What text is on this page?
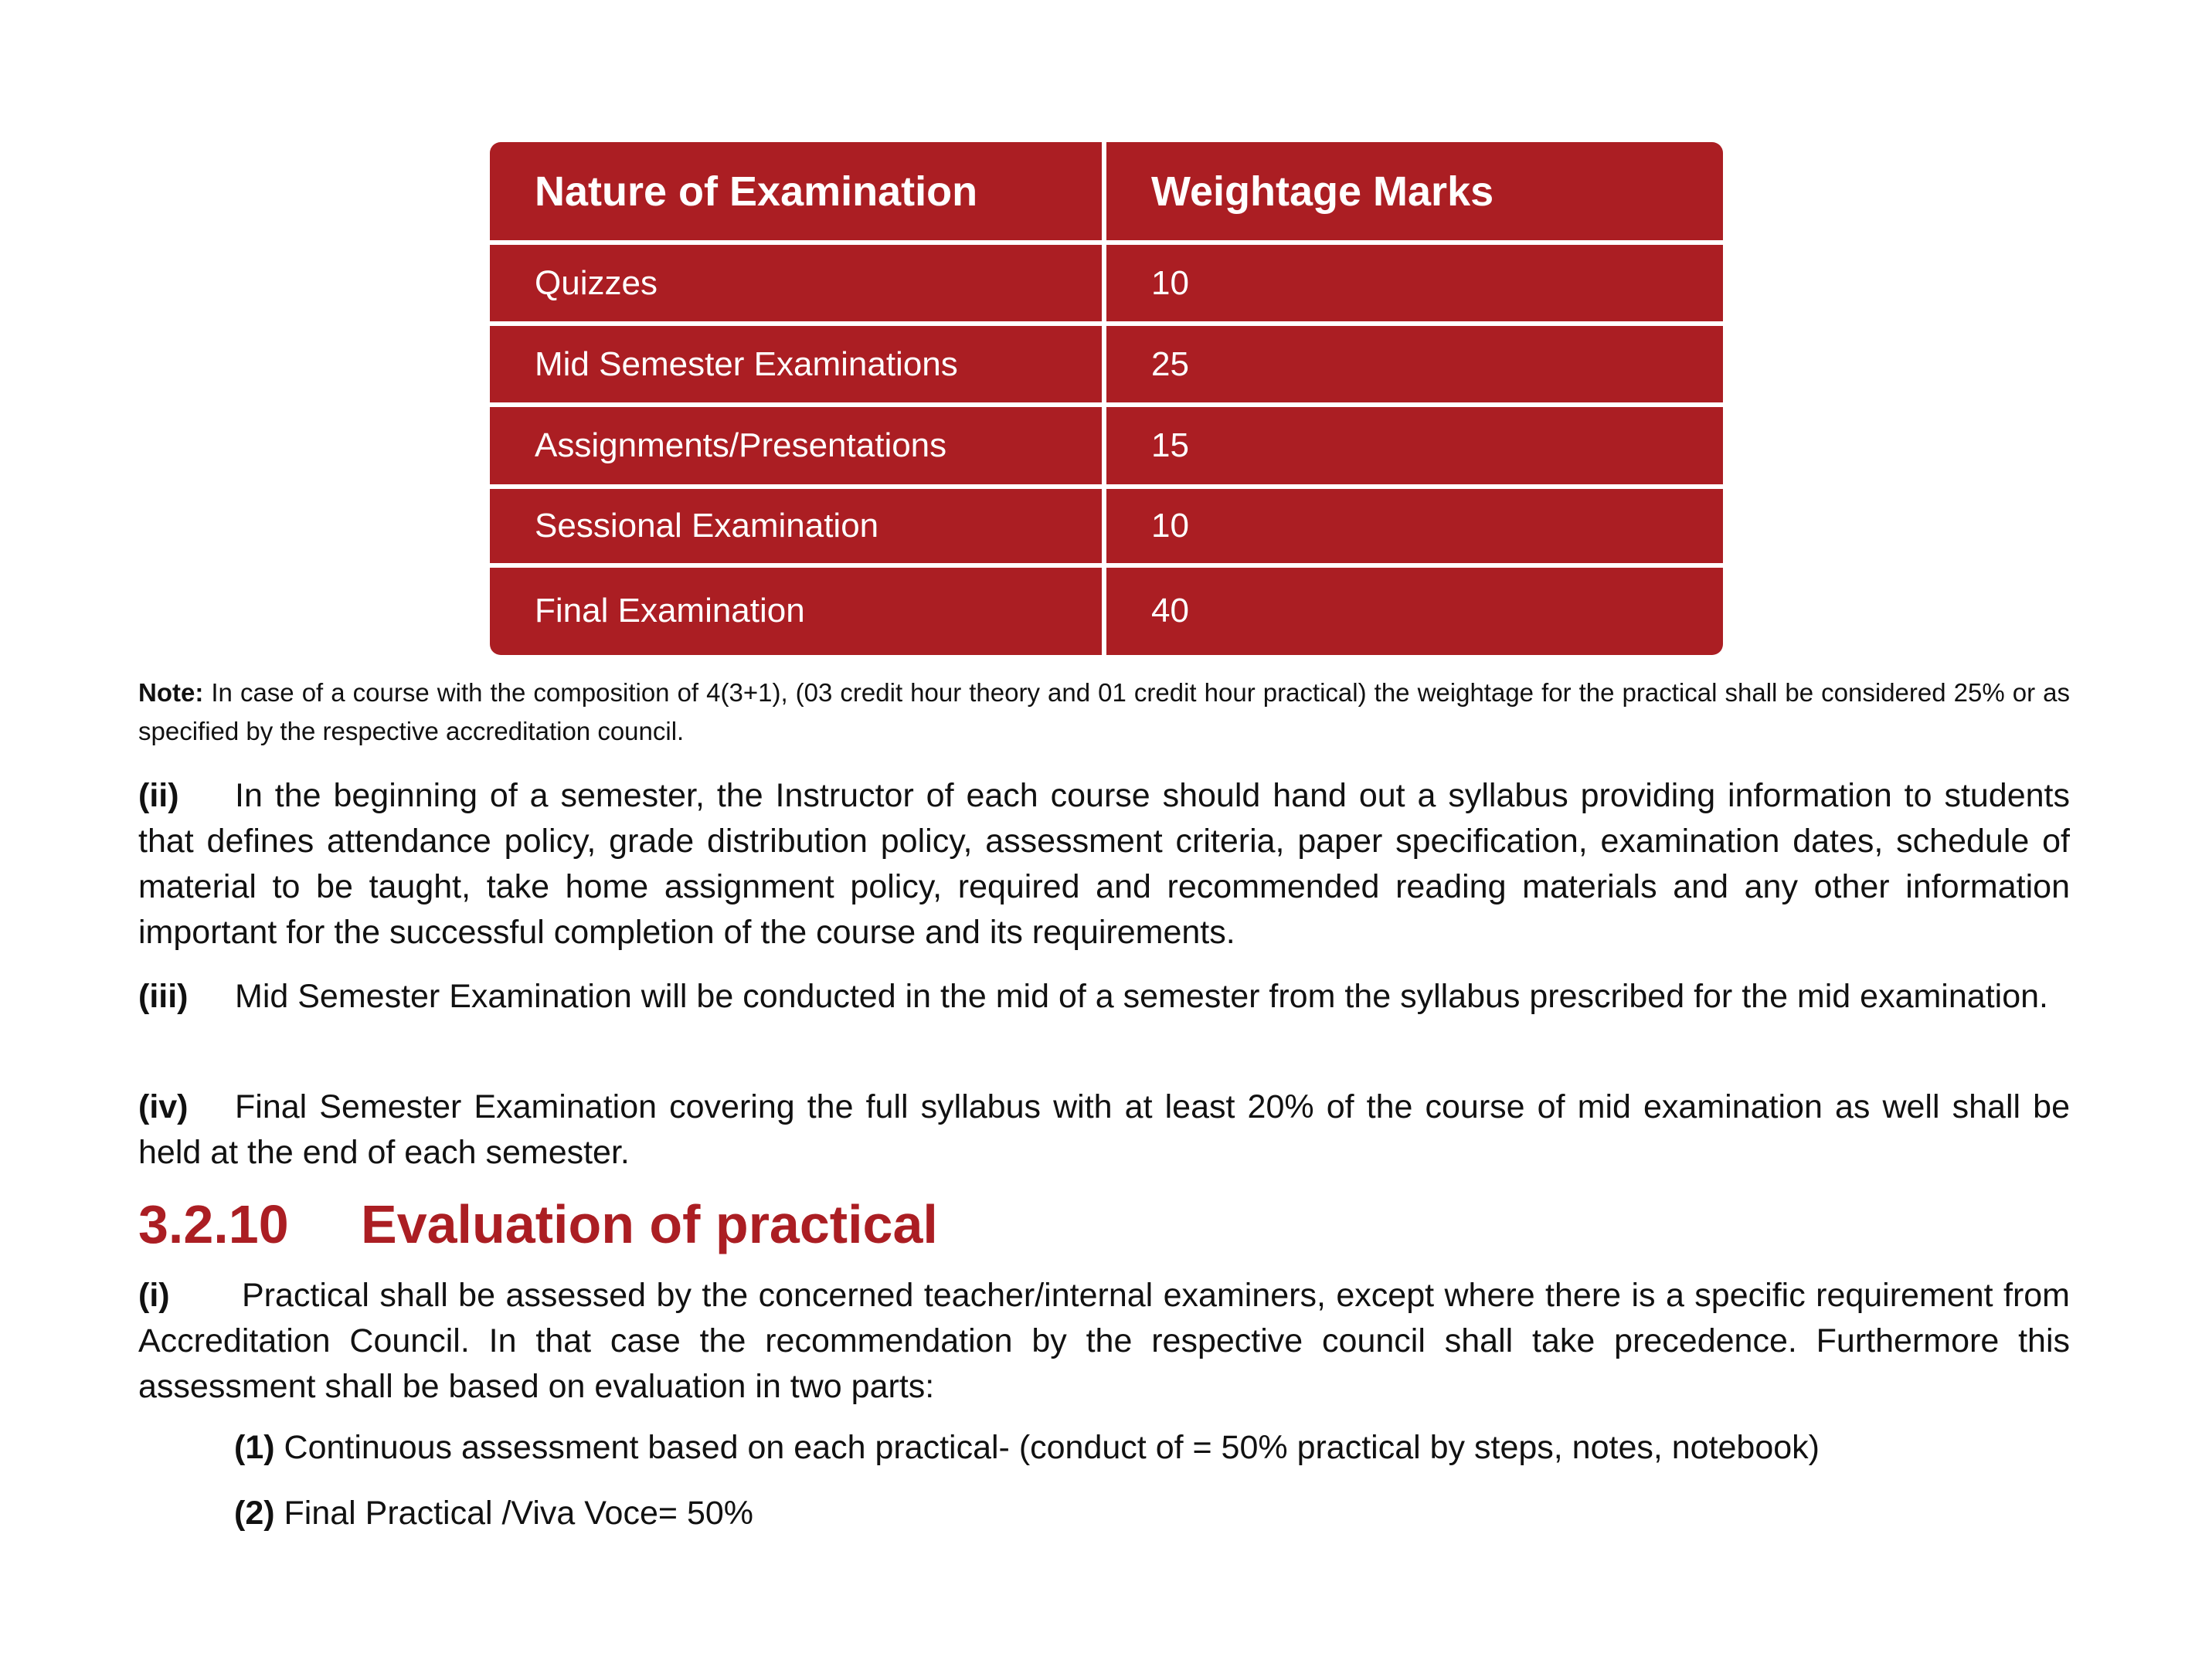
Nature of Examination	Weightage Marks
Quizzes	10
Mid Semester Examinations	25
Assignments/Presentations	15
Sessional Examination	10
Final Examination	40
Note: In case of a course with the composition of 4(3+1), (03 credit hour theory and 01 credit hour practical) the weightage for the practical shall be considered 25% or as specified by the respective accreditation council.
(ii) In the beginning of a semester, the Instructor of each course should hand out a syllabus providing information to students that defines attendance policy, grade distribution policy, assessment criteria, paper specification, examination dates, schedule of material to be taught, take home assignment policy, required and recommended reading materials and any other information important for the successful completion of the course and its requirements.
(iii) Mid Semester Examination will be conducted in the mid of a semester from the syllabus prescribed for the mid examination.
(iv) Final Semester Examination covering the full syllabus with at least 20% of the course of mid examination as well shall be held at the end of each semester.
3.2.10 Evaluation of practical
(i) Practical shall be assessed by the concerned teacher/internal examiners, except where there is a specific requirement from Accreditation Council. In that case the recommendation by the respective council shall take precedence. Furthermore this assessment shall be based on evaluation in two parts:
(1) Continuous assessment based on each practical- (conduct of = 50% practical by steps, notes, notebook)
(2) Final Practical /Viva Voce= 50%
